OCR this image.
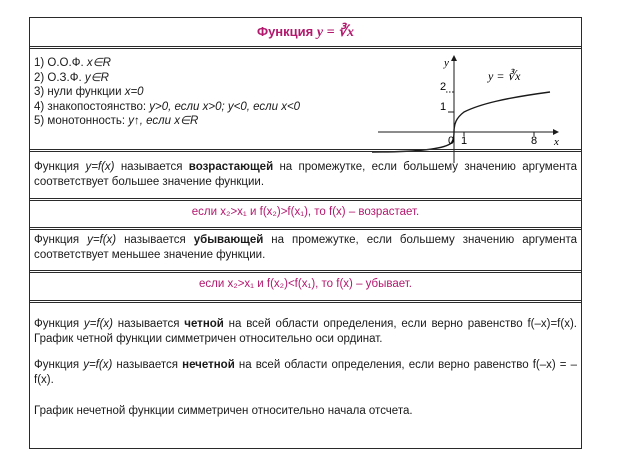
Функция y = ∛x
1) О.О.Ф. x∈R
2) О.З.Ф. y∈R
3) нули функции x=0
4) знакопостоянство: y>0, если x>0; y<0, если x<0
5) монотонность: y↑, если x∈R
2
1
0 1	8
y
x
y = ∛x
Функция y=f(x) называется возрастающей на промежутке, если большему значению аргумента соответствует большее значение функции.
если x₂>x₁ и f(x₂)>f(x₁), то f(x) – возрастает.
Функция y=f(x) называется убывающей на промежутке, если большему значению аргумента соответствует меньшее значение функции.
если x₂>x₁ и f(x₂)<f(x₁), то f(x) – убывает.
Функция y=f(x) называется четной на всей области определения, если верно равенство f(–x)=f(x). График четной функции симметричен относительно оси ординат.
Функция y=f(x) называется нечетной на всей области определения, если верно равенство f(–x) = –f(x).
График нечетной функции симметричен относительно начала отсчета.
